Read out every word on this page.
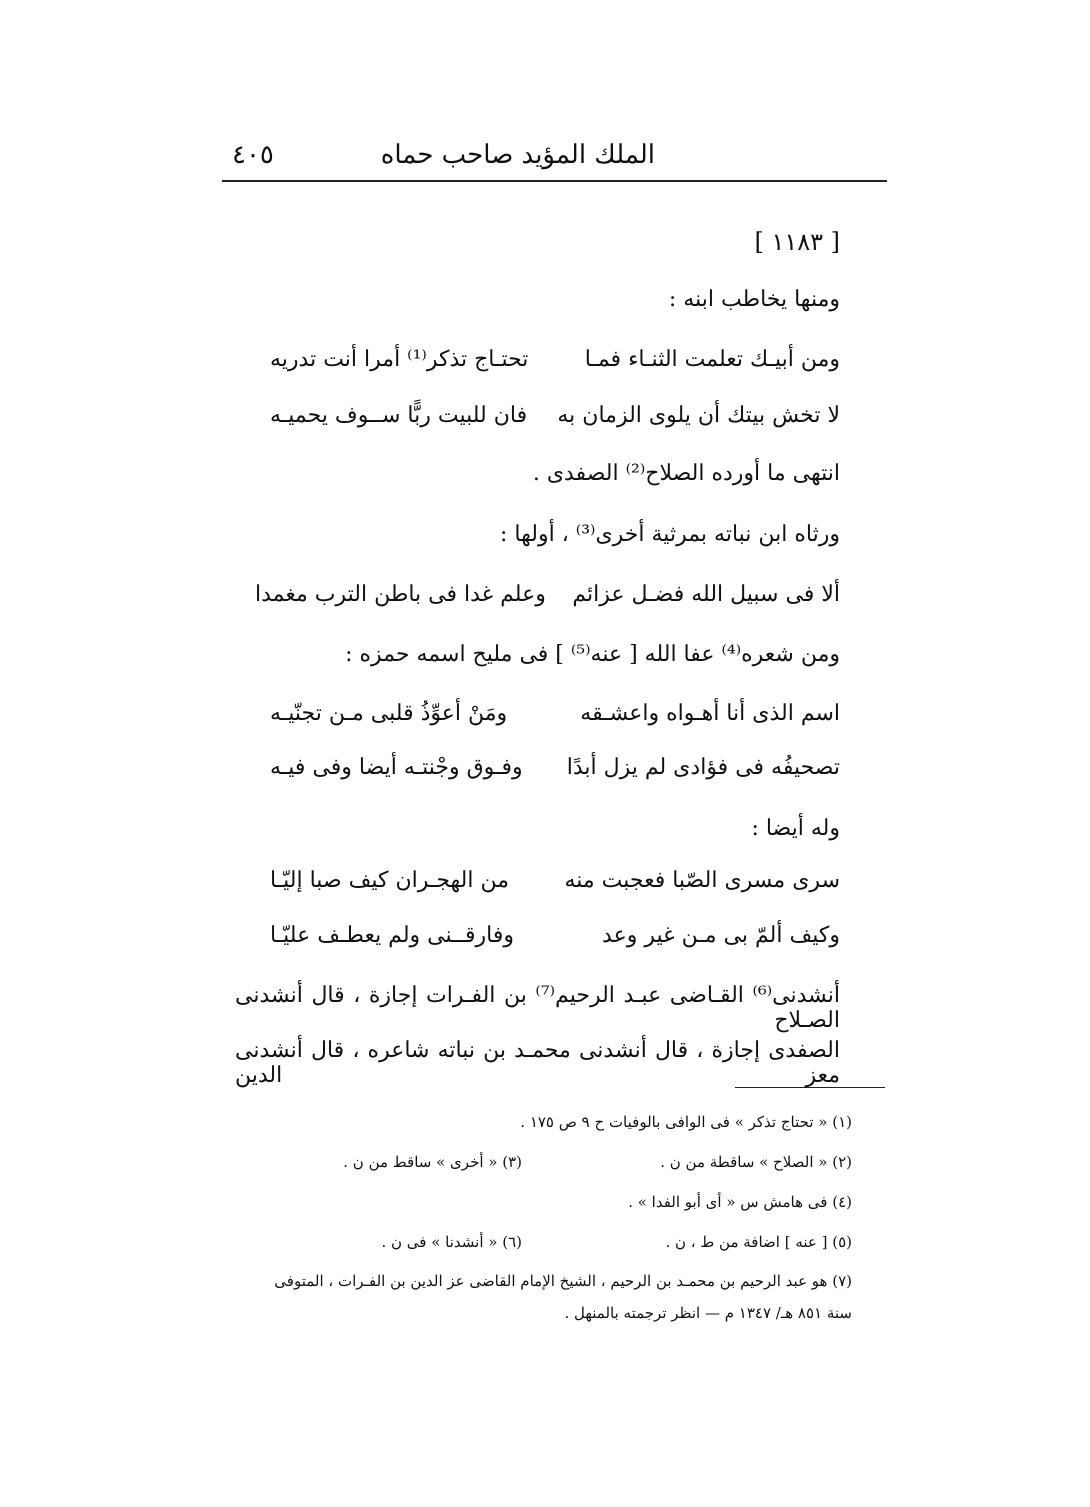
الملك المؤيد صاحب حماه
٤٠٥
[ ١١٨٣ ]
ومنها يخاطب ابنه :
ومن أبيـك تعلمت الثنـاء فمـا
تحتـاج تذكر⁽¹⁾ أمرا أنت تدريه
لا تخش بيتك أن يلوى الزمان به
فان للبيت ربًّا ســوف يحميـه
انتهى ما أورده الصلاح⁽²⁾ الصفدى .
ورثاه ابن نباته بمرثية أخرى⁽³⁾ ، أولها :
ألا فى سبيل الله فضـل عزائم
وعلم غدا فى باطن الترب مغمدا
ومن شعره⁽⁴⁾ عفا الله [ عنه⁽⁵⁾ ] فى مليح اسمه حمزه :
اسم الذى أنا أهـواه واعشـقه
ومَنْ أعوِّذُ قلبى مـن تجنّيـه
تصحيفُه فى فؤادى لم يزل أبدًا
وفـوق وجْنتـه أيضا وفى فيـه
وله أيضا :
سرى مسرى الصّبا فعجبت منه
من الهجـران كيف صبا إليّـا
وكيف ألمّ بى مـن غير وعد
وفارقــنى ولم يعطـف عليّـا
أنشدنى⁽⁶⁾ القـاضى عبـد الرحيم⁽⁷⁾ بن الفـرات إجازة ، قال أنشدنى الصـلاح
الصفدى إجازة ، قال أنشدنى محمـد بن نباته شاعره ، قال أنشدنى معز الدين
(١) « تحتاج تذكر » فى الوافى بالوفيات ح ٩ ص ١٧٥ .
(٢) « الصلاح » ساقطة من ن .
(٣) « أخرى » ساقط من ن .
(٤) فى هامش س « أى أبو الفدا » .
(٥) [ عنه ] اضافة من ط ، ن .
(٦) « أنشدنا » فى ن .
(٧) هو عبد الرحيم بن محمـد بن الرحيم ، الشيخ الإمام القاضى عز الدين بن الفـرات ، المتوفى
سنة ٨٥١ هـ/ ١٣٤٧ م — انظر ترجمته بالمنهل .
